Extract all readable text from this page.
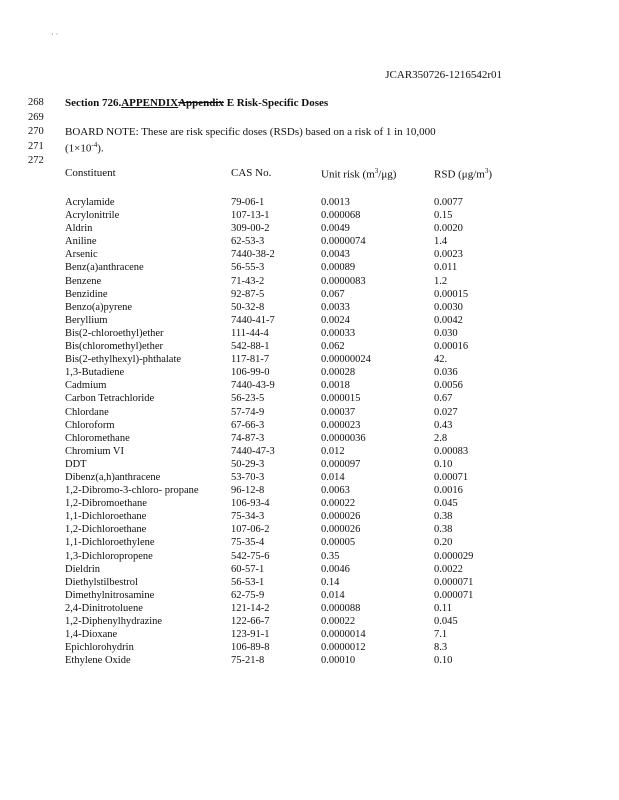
· ·
JCAR350726-1216542r01
268
269
270
271
272
Section 726.APPENDIXAppendix E Risk-Specific Doses
BOARD NOTE: These are risk specific doses (RSDs) based on a risk of 1 in 10,000
$(1\times 10^{-4})$.
Constituent	CAS No.	Unit risk $(m^3/\mu g)$	RSD $(\mu g/m^3)$
Acrylamide	79-06-1	0.0013	0.0077
Acrylonitrile	107-13-1	0.000068	0.15
Aldrin	309-00-2	0.0049	0.0020
Aniline	62-53-3	0.0000074	1.4
Arsenic	7440-38-2	0.0043	0.0023
Benz(a)anthracene	56-55-3	0.00089	0.011
Benzene	71-43-2	0.0000083	1.2
Benzidine	92-87-5	0.067	0.00015
Benzo(a)pyrene	50-32-8	0.0033	0.0030
Beryllium	7440-41-7	0.0024	0.0042
Bis(2-chloroethyl)ether	111-44-4	0.00033	0.030
Bis(chloromethyl)ether	542-88-1	0.062	0.00016
Bis(2-ethylhexyl)-phthalate	117-81-7	0.00000024	42.
1,3-Butadiene	106-99-0	0.00028	0.036
Cadmium	7440-43-9	0.0018	0.0056
Carbon Tetrachloride	56-23-5	0.000015	0.67
Chlordane	57-74-9	0.00037	0.027
Chloroform	67-66-3	0.000023	0.43
Chloromethane	74-87-3	0.0000036	2.8
Chromium VI	7440-47-3	0.012	0.00083
DDT	50-29-3	0.000097	0.10
Dibenz(a,h)anthracene	53-70-3	0.014	0.00071
1,2-Dibromo-3-chloro- propane	96-12-8	0.0063	0.0016
1,2-Dibromoethane	106-93-4	0.00022	0.045
1,1-Dichloroethane	75-34-3	0.000026	0.38
1,2-Dichloroethane	107-06-2	0.000026	0.38
1,1-Dichloroethylene	75-35-4	0.00005	0.20
1,3-Dichloropropene	542-75-6	0.35	0.000029
Dieldrin	60-57-1	0.0046	0.0022
Diethylstilbestrol	56-53-1	0.14	0.000071
Dimethylnitrosamine	62-75-9	0.014	0.000071
2,4-Dinitrotoluene	121-14-2	0.000088	0.11
1,2-Diphenylhydrazine	122-66-7	0.00022	0.045
1,4-Dioxane	123-91-1	0.0000014	7.1
Epichlorohydrin	106-89-8	0.0000012	8.3
Ethylene Oxide	75-21-8	0.00010	0.10
